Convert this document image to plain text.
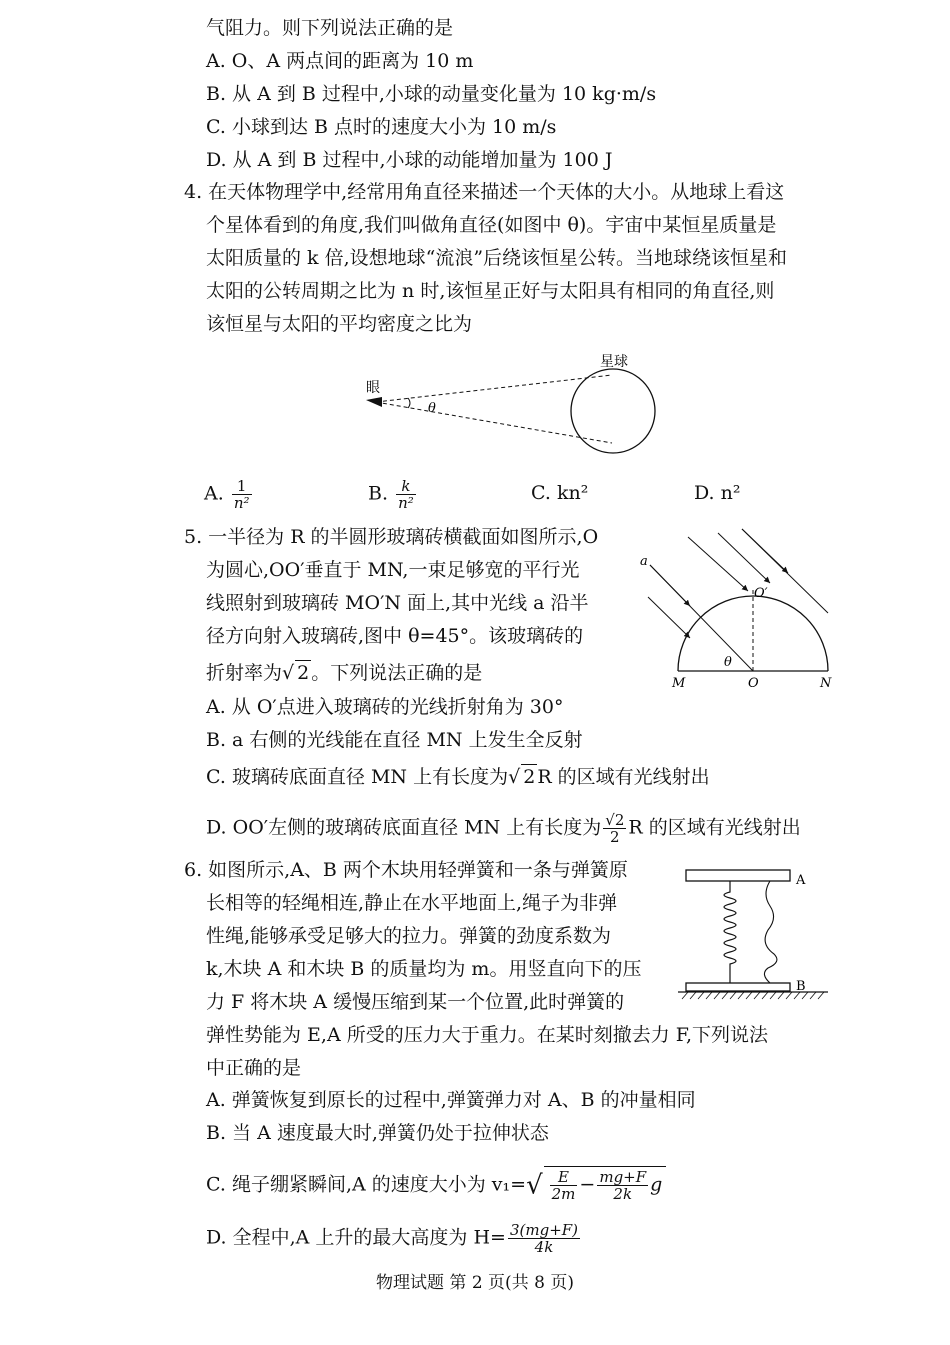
气阻力。则下列说法正确的是
A. O、A 两点间的距离为 10 m
B. 从 A 到 B 过程中,小球的动量变化量为 10 kg·m/s
C. 小球到达 B 点时的速度大小为 10 m/s
D. 从 A 到 B 过程中,小球的动能增加量为 100 J
4. 在天体物理学中,经常用角直径来描述一个天体的大小。从地球上看这
个星体看到的角度,我们叫做角直径(如图中 θ)。宇宙中某恒星质量是
太阳质量的 k 倍,设想地球“流浪”后绕该恒星公转。当地球绕该恒星和
太阳的公转周期之比为 n 时,该恒星正好与太阳具有相同的角直径,则
该恒星与太阳的平均密度之比为
眼
θ
星球
A. $\frac{1}{\text{n²}}$	B. $\frac{k}{\text{n²}}$	C. kn²	D. n²
5. 一半径为 R 的半圆形玻璃砖横截面如图所示,O
为圆心,OO′垂直于 MN,一束足够宽的平行光
线照射到玻璃砖 MO′N 面上,其中光线 a 沿半
径方向射入玻璃砖,图中 θ=45°。该玻璃砖的
折射率为√ 2 。下列说法正确的是
a
O′
θ
M	O	N
A. 从 O′点进入玻璃砖的光线折射角为 30°
B. a 右侧的光线能在直径 MN 上发生全反射
C. 玻璃砖底面直径 MN 上有长度为√ 2 R 的区域有光线射出
D. OO′左侧的玻璃砖底面直径 MN 上有长度为 $\frac{√2}{2}$ R 的区域有光线射出
6. 如图所示,A、B 两个木块用轻弹簧和一条与弹簧原
长相等的轻绳相连,静止在水平地面上,绳子为非弹
性绳,能够承受足够大的拉力。弹簧的劲度系数为
k,木块 A 和木块 B 的质量均为 m。用竖直向下的压
力 F 将木块 A 缓慢压缩到某一个位置,此时弹簧的
弹性势能为 E,A 所受的压力大于重力。在某时刻撤去力 F,下列说法
中正确的是
A
B
A. 弹簧恢复到原长的过程中,弹簧弹力对 A、B 的冲量相同
B. 当 A 速度最大时,弹簧仍处于拉伸状态
C. 绳子绷紧瞬间,A 的速度大小为 $v_1=√ \frac{E}{2m} - \frac{mg+F}{2k}$ g
D. 全程中,A 上升的最大高度为 $H= \frac{3(mg+F)}{4k}$
物理试题 第 2 页(共 8 页)
